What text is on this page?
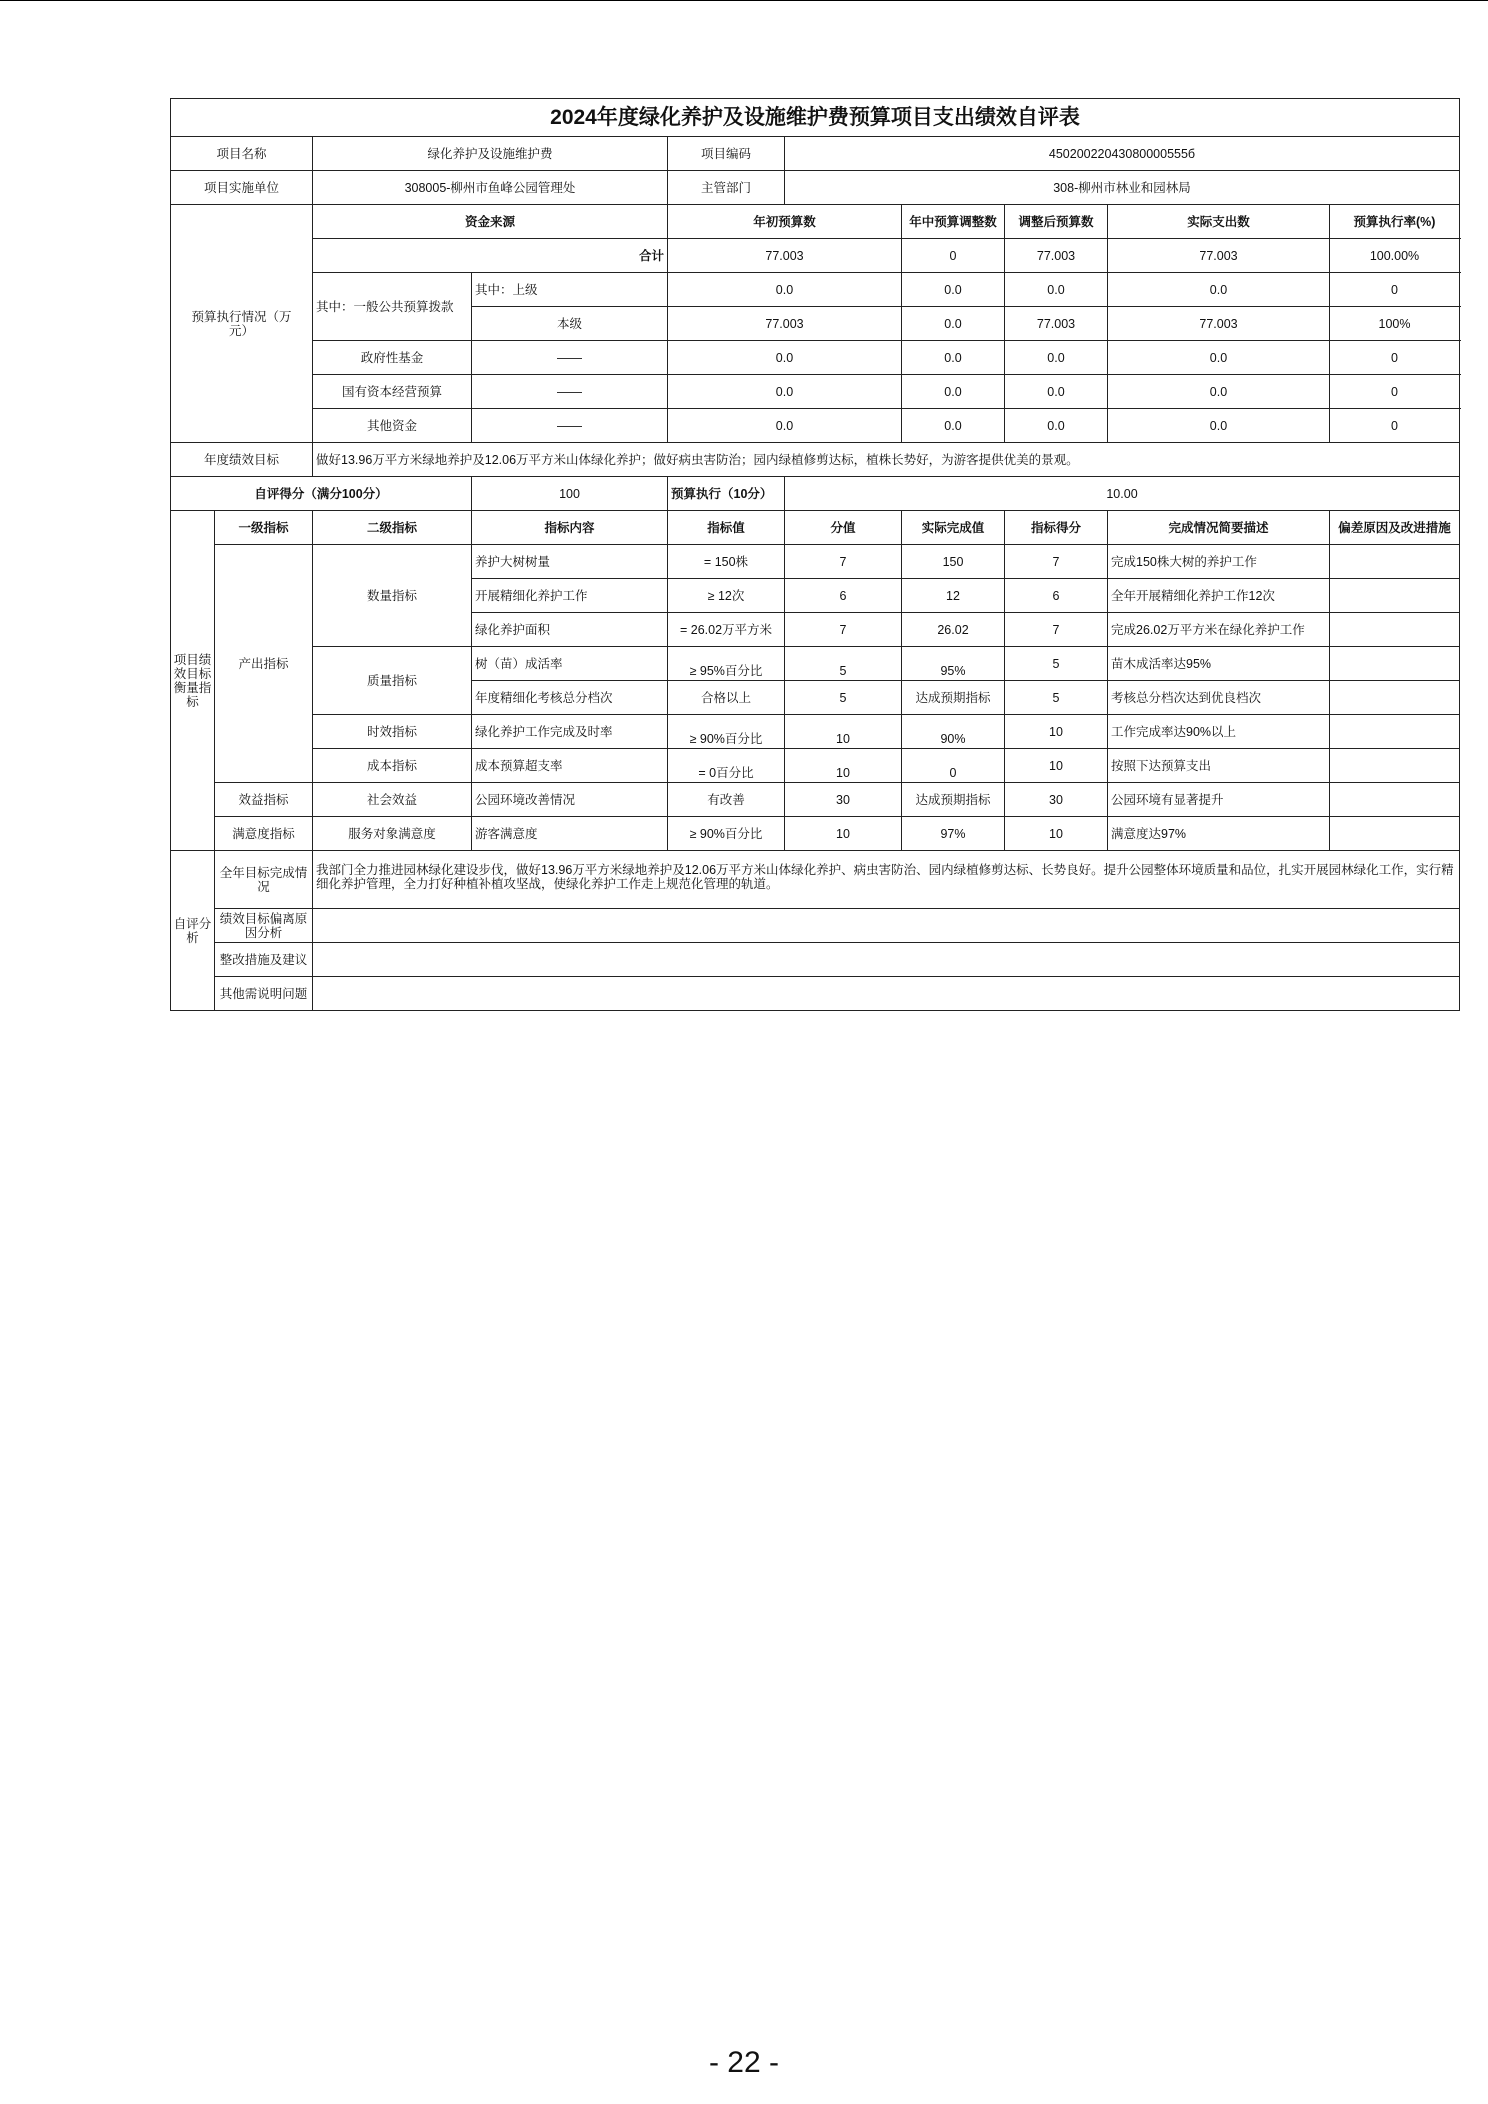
2024年度绿化养护及设施维护费预算项目支出绩效自评表									
项目名称		绿化养护及设施维护费		项目编码	45020022043080000555б				
项目实施单位		308005-柳州市鱼峰公园管理处		主管部门	308-柳州市林业和园林局				
预算执行情况（万元）		资金来源		年初预算数		年中预算调整数	调整后预算数	实际支出数	预算执行率(%)
		合计		77.003		0	77.003	77.003	100.00%
		其中：一般公共预算拨款	其中：上级	0.0		0.0	0.0	0.0	0
			本级	77.003		0.0	77.003	77.003	100%
		政府性基金	——	0.0		0.0	0.0	0.0	0
		国有资本经营预算	——	0.0		0.0	0.0	0.0	0
		其他资金	——	0.0		0.0	0.0	0.0	0
年度绩效目标		做好13.96万平方米绿地养护及12.06万平方米山体绿化养护；做好病虫害防治；园内绿植修剪达标，植株长势好，为游客提供优美的景观。							
自评得分（满分100分）			100	预算执行（10分）	10.00				
项目绩效目标衡量指标	一级指标	二级指标	指标内容	指标值	分值	实际完成值	指标得分	完成情况简要描述	偏差原因及改进措施
	产出指标	数量指标	养护大树树量	= 150株	7	150	7	完成150株大树的养护工作	
			开展精细化养护工作	≥ 12次	6	12	6	全年开展精细化养护工作12次	
			绿化养护面积	= 26.02万平方米	7	26.02	7	完成26.02万平方米在绿化养护工作	
		质量指标	树（苗）成活率	≥ 95%百分比	5	95%	5	苗木成活率达95%	
			年度精细化考核总分档次	合格以上	5	达成预期指标	5	考核总分档次达到优良档次	
		时效指标	绿化养护工作完成及时率	≥ 90%百分比	10	90%	10	工作完成率达90%以上	
		成本指标	成本预算超支率	= 0百分比	10	0	10	按照下达预算支出	
	效益指标	社会效益	公园环境改善情况	有改善	30	达成预期指标	30	公园环境有显著提升	
	满意度指标	服务对象满意度	游客满意度	≥ 90%百分比	10	97%	10	满意度达97%	
自评分析	全年目标完成情况	我部门全力推进园林绿化建设步伐，做好13.96万平方米绿地养护及12.06万平方米山体绿化养护、病虫害防治、园内绿植修剪达标、长势良好。提升公园整体环境质量和品位，扎实开展园林绿化工作，实行精细化养护管理，全力打好种植补植攻坚战，使绿化养护工作走上规范化管理的轨道。							
	绩效目标偏离原因分析								
	整改措施及建议								
	其他需说明问题								
- 22 -
